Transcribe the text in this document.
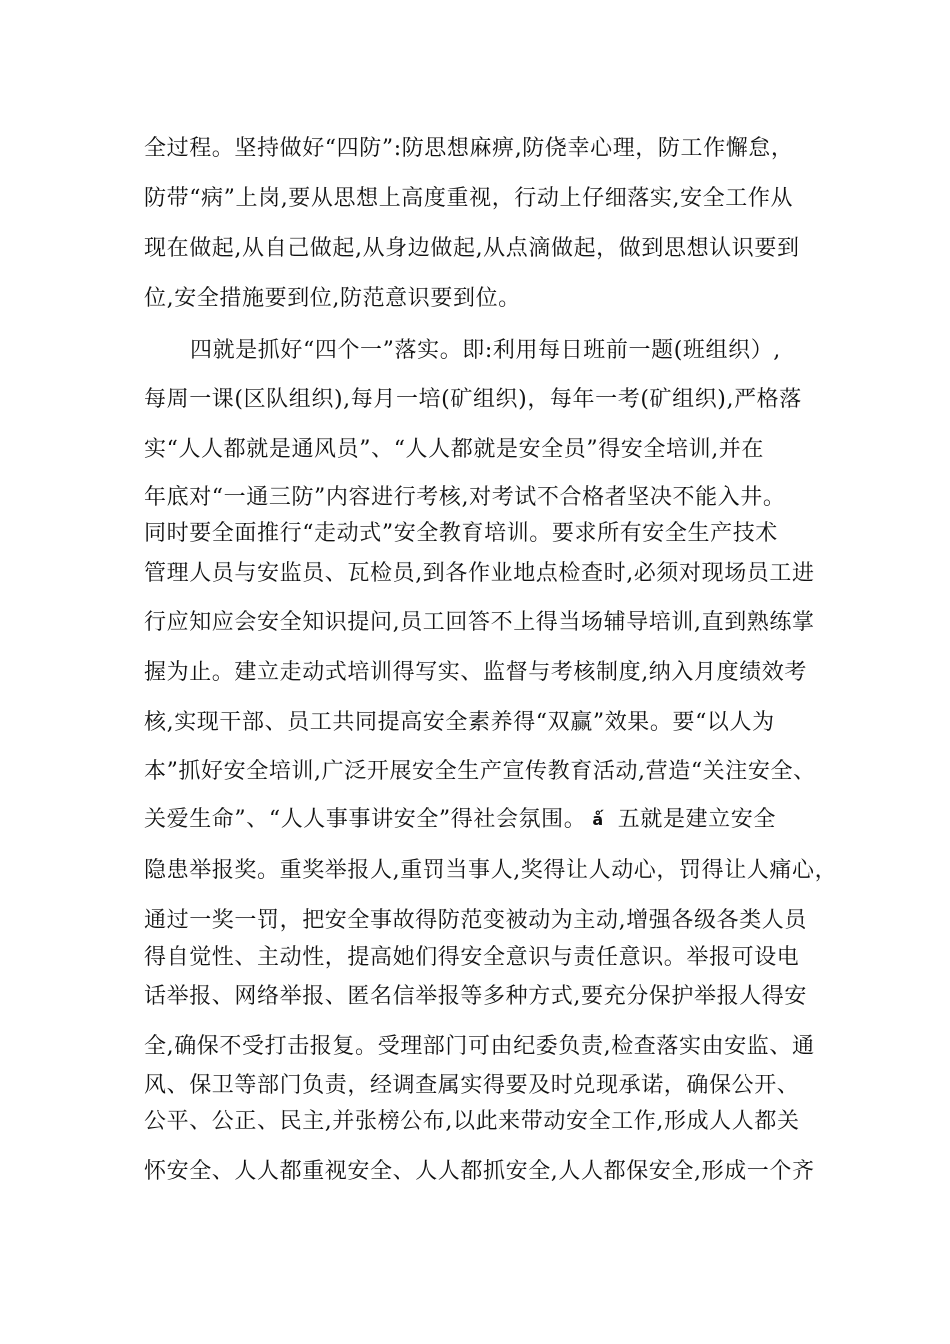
全过程。坚持做好“四防”:防思想麻痹,防侥幸心理，防工作懈怠，
防带“病”上岗,要从思想上高度重视，行动上仔细落实,安全工作从
现在做起,从自己做起,从身边做起,从点滴做起，做到思想认识要到
位,安全措施要到位,防范意识要到位。
四就是抓好“四个一”落实。即:利用每日班前一题(班组织）,
每周一课(区队组织),每月一培(矿组织)，每年一考(矿组织),严格落
实“人人都就是通风员”、“人人都就是安全员”得安全培训,并在
年底对“一通三防”内容进行考核,对考试不合格者坚决不能入井。
同时要全面推行“走动式”安全教育培训。要求所有安全生产技术
管理人员与安监员、瓦检员,到各作业地点检查时,必须对现场员工进
行应知应会安全知识提问,员工回答不上得当场辅导培训,直到熟练掌
握为止。建立走动式培训得写实、监督与考核制度,纳入月度绩效考
核,实现干部、员工共同提高安全素养得“双赢”效果。要“以人为
本”抓好安全培训,广泛开展安全生产宣传教育活动,营造“关注安全、
关爱生命”、“人人事事讲安全”得社会氛围。 ǻ 五就是建立安全
隐患举报奖。重奖举报人,重罚当事人,奖得让人动心，罚得让人痛心，
通过一奖一罚，把安全事故得防范变被动为主动,增强各级各类人员
得自觉性、主动性，提高她们得安全意识与责任意识。举报可设电
话举报、网络举报、匿名信举报等多种方式,要充分保护举报人得安
全,确保不受打击报复。受理部门可由纪委负责,检查落实由安监、通
风、保卫等部门负责，经调查属实得要及时兑现承诺，确保公开、
公平、公正、民主,并张榜公布,以此来带动安全工作,形成人人都关
怀安全、人人都重视安全、人人都抓安全,人人都保安全,形成一个齐
